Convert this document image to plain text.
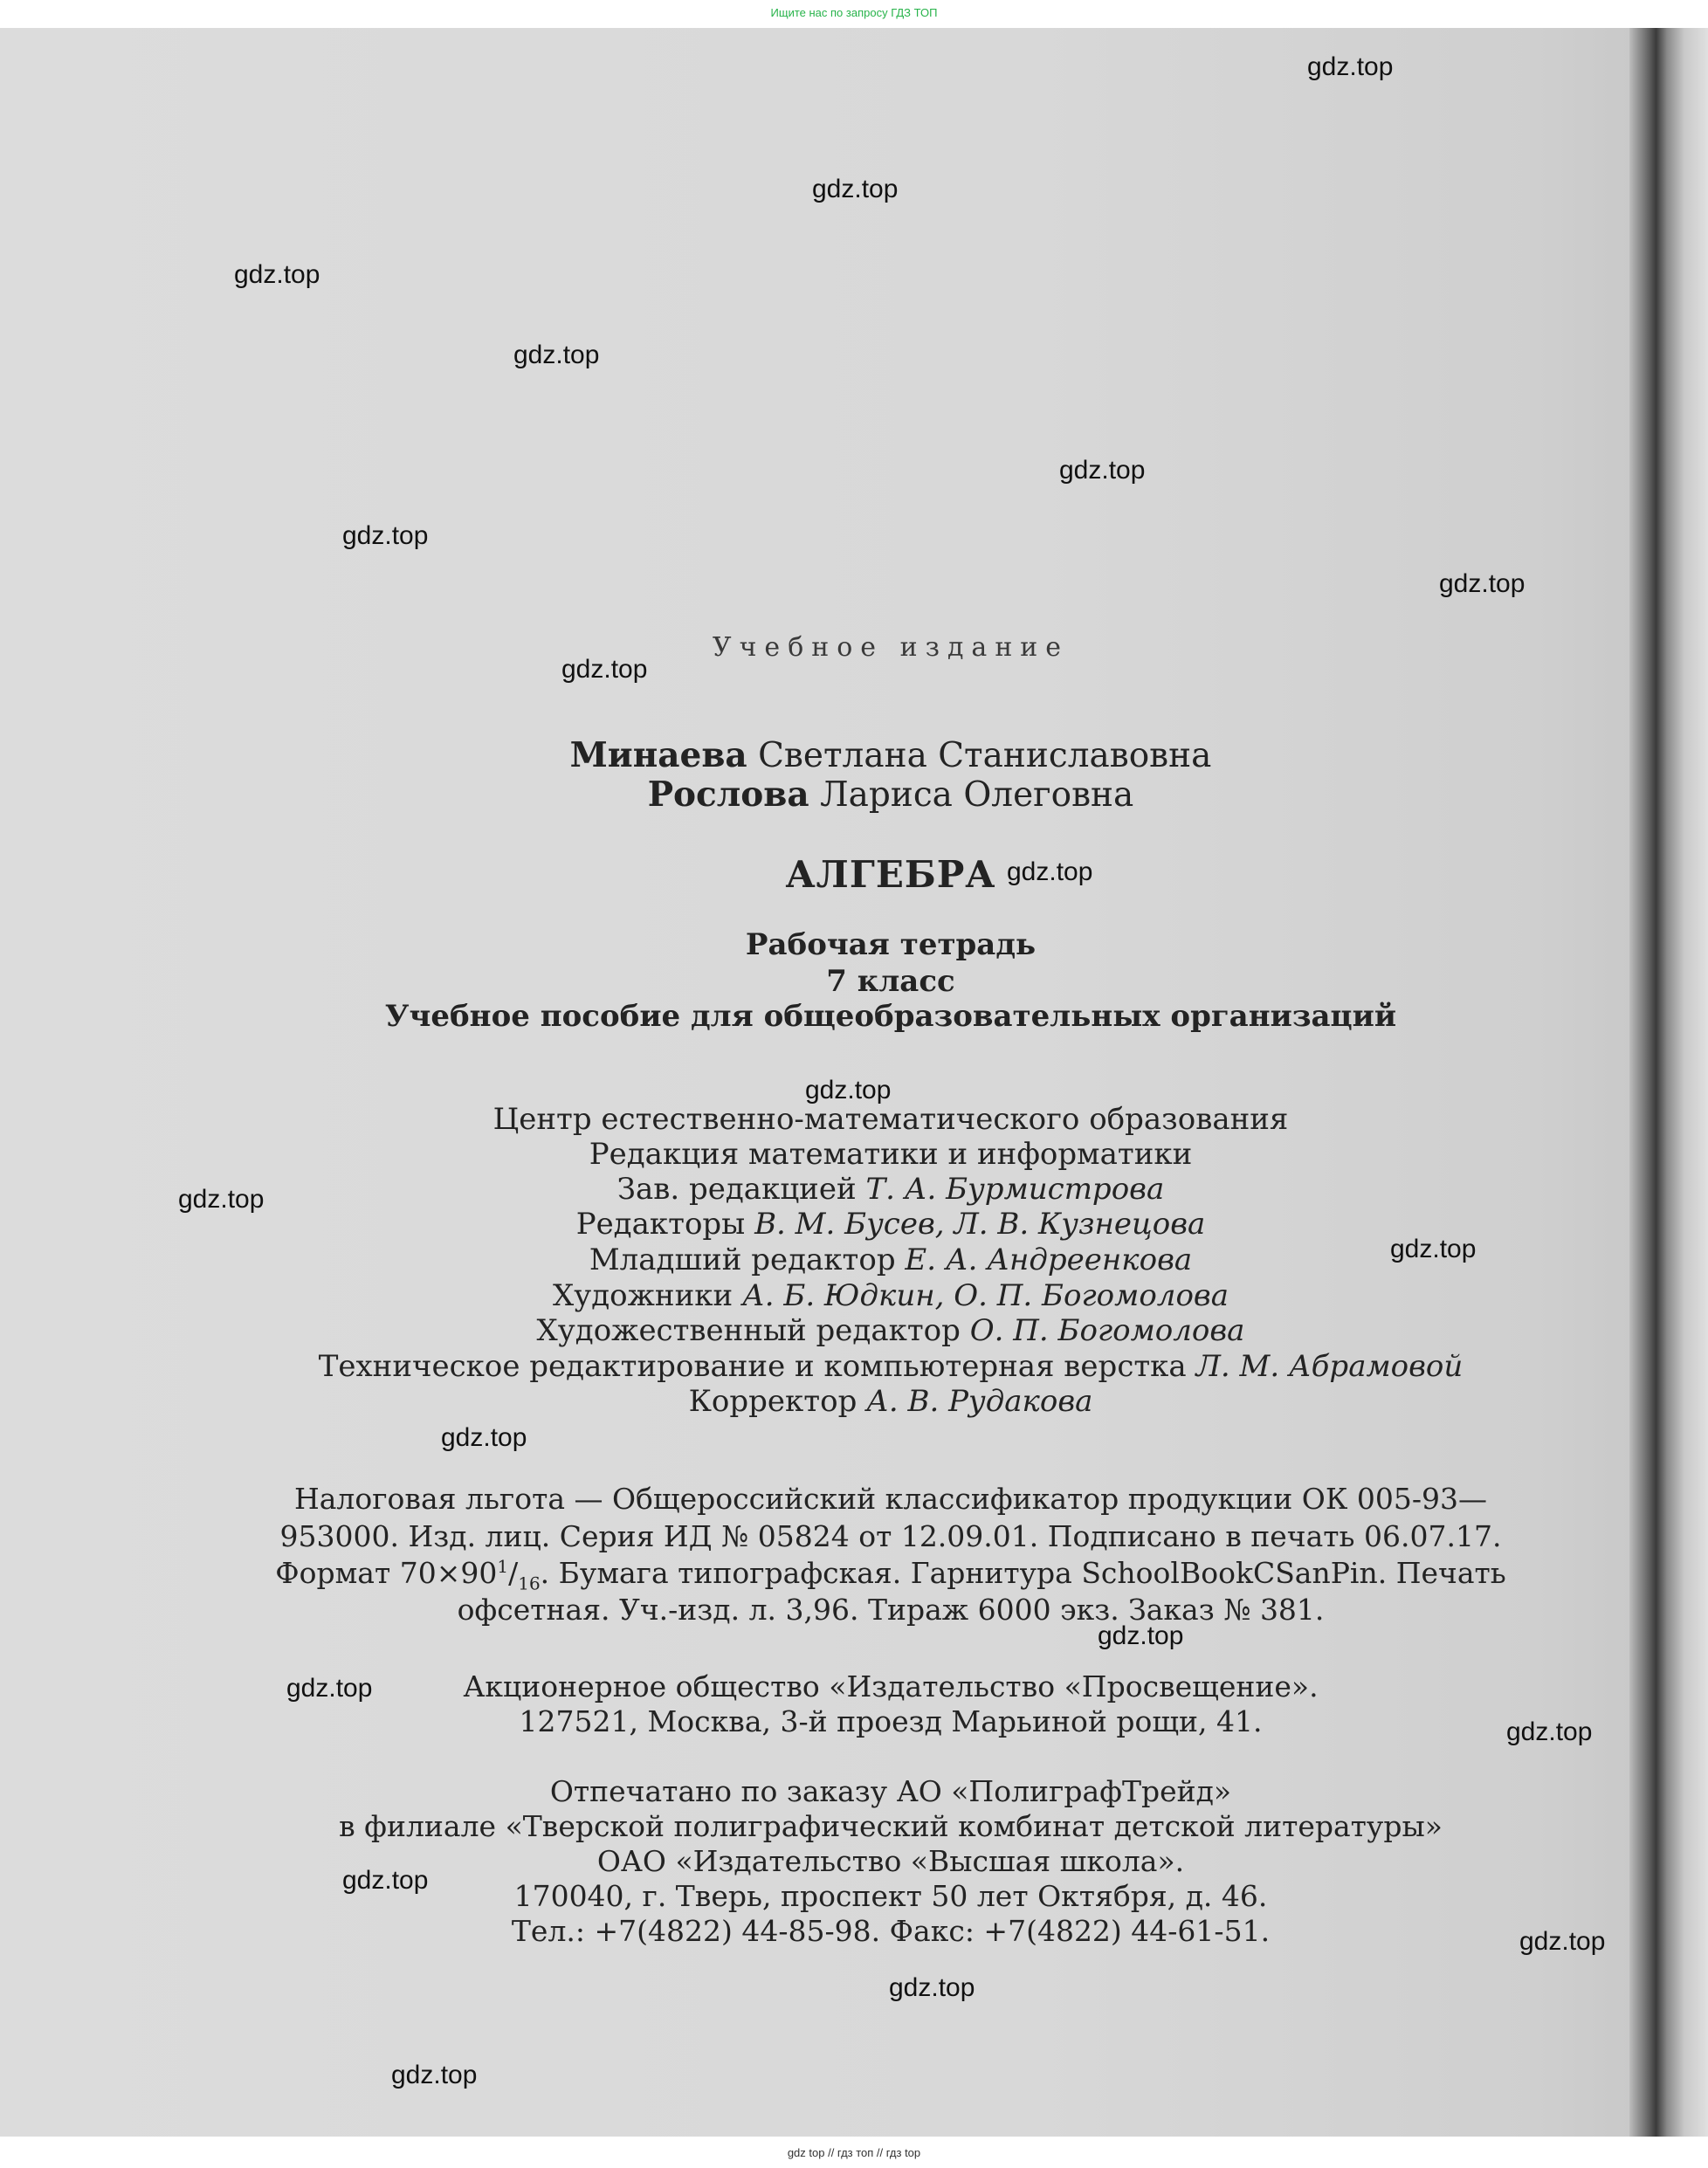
Ищите нас по запросу ГДЗ ТОП
Учебное издание
Минаева Светлана Станиславовна
Рослова Лариса Олеговна
АЛГЕБРА
Рабочая тетрадь
7 класс
Учебное пособие для общеобразовательных организаций
Центр естественно-математического образования
Редакция математики и информатики
Зав. редакцией Т. А. Бурмистрова
Редакторы В. М. Бусев, Л. В. Кузнецова
Младший редактор Е. А. Андреенкова
Художники А. Б. Юдкин, О. П. Богомолова
Художественный редактор О. П. Богомолова
Техническое редактирование и компьютерная верстка Л. М. Абрамовой
Корректор А. В. Рудакова
Налоговая льгота — Общероссийский классификатор продукции ОК 005-93—
953000. Изд. лиц. Серия ИД № 05824 от 12.09.01. Подписано в печать 06.07.17.
Формат $70\times 90^1/_{16}$. Бумага типографская. Гарнитура SchoolBookCSanPin. Печать
офсетная. Уч.-изд. л. 3,96. Тираж 6000 экз. Заказ № 381.
Акционерное общество «Издательство «Просвещение».
127521, Москва, 3-й проезд Марьиной рощи, 41.
Отпечатано по заказу АО «ПолиграфТрейд»
в филиале «Тверской полиграфический комбинат детской литературы»
ОАО «Издательство «Высшая школа».
170040, г. Тверь, проспект 50 лет Октября, д. 46.
Тел.: +7(4822) 44-85-98. Факс: +7(4822) 44-61-51.
gdz.top
gdz.top
gdz.top
gdz.top
gdz.top
gdz.top
gdz.top
gdz.top
gdz.top
gdz.top
gdz.top
gdz.top
gdz.top
gdz.top
gdz.top
gdz.top
gdz.top
gdz.top
gdz.top
gdz.top
gdz top // гдз топ // гдз top
